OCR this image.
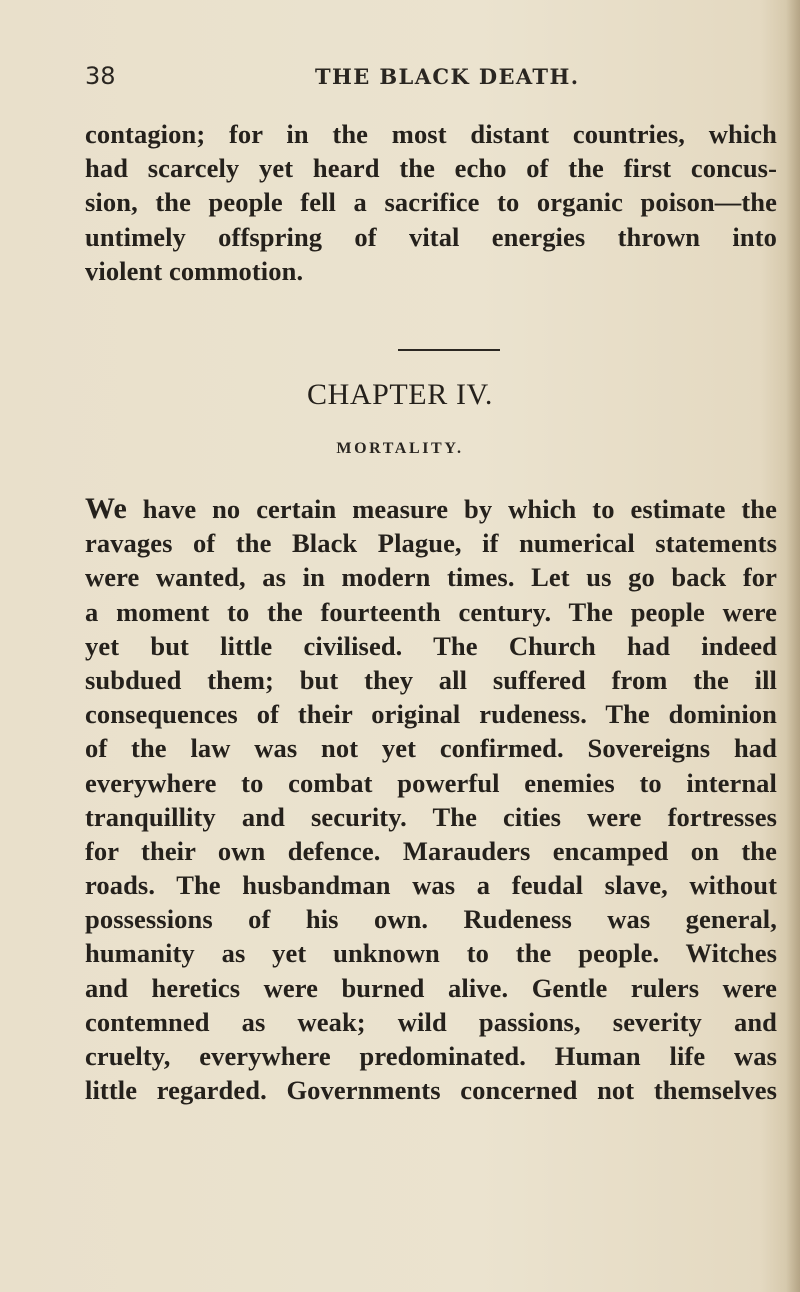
38	THE BLACK DEATH.
contagion; for in the most distant countries, which
had scarcely yet heard the echo of the first concus-
sion, the people fell a sacrifice to organic poison—the
untimely offspring of vital energies thrown into
violent commotion.
CHAPTER IV.
MORTALITY.
We have no certain measure by which to estimate the
ravages of the Black Plague, if numerical statements
were wanted, as in modern times. Let us go back for
a moment to the fourteenth century. The people were
yet but little civilised. The Church had indeed
subdued them; but they all suffered from the ill
consequences of their original rudeness. The dominion
of the law was not yet confirmed. Sovereigns had
everywhere to combat powerful enemies to internal
tranquillity and security. The cities were fortresses
for their own defence. Marauders encamped on the
roads. The husbandman was a feudal slave, without
possessions of his own. Rudeness was general,
humanity as yet unknown to the people. Witches
and heretics were burned alive. Gentle rulers were
contemned as weak; wild passions, severity and
cruelty, everywhere predominated. Human life was
little regarded. Governments concerned not themselves
